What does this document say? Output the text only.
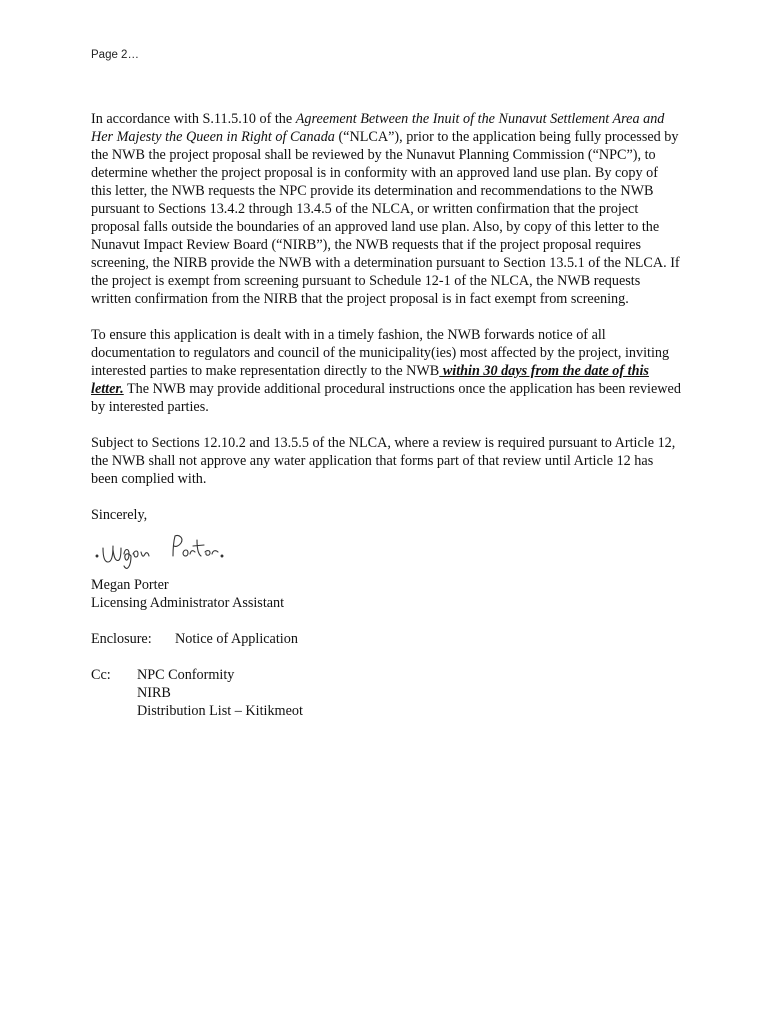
Page 2…

In accordance with S.11.5.10 of the Agreement Between the Inuit of the Nunavut Settlement Area and Her Majesty the Queen in Right of Canada (“NLCA”), prior to the application being fully processed by the NWB the project proposal shall be reviewed by the Nunavut Planning Commission (“NPC”), to determine whether the project proposal is in conformity with an approved land use plan. By copy of this letter, the NWB requests the NPC provide its determination and recommendations to the NWB pursuant to Sections 13.4.2 through 13.4.5 of the NLCA, or written confirmation that the project proposal falls outside the boundaries of an approved land use plan. Also, by copy of this letter to the Nunavut Impact Review Board (“NIRB”), the NWB requests that if the project proposal requires screening, the NIRB provide the NWB with a determination pursuant to Section 13.5.1 of the NLCA. If the project is exempt from screening pursuant to Schedule 12-1 of the NLCA, the NWB requests written confirmation from the NIRB that the project proposal is in fact exempt from screening.

To ensure this application is dealt with in a timely fashion, the NWB forwards notice of all documentation to regulators and council of the municipality(ies) most affected by the project, inviting interested parties to make representation directly to the NWB within 30 days from the date of this letter. The NWB may provide additional procedural instructions once the application has been reviewed by interested parties.

Subject to Sections 12.10.2 and 13.5.5 of the NLCA, where a review is required pursuant to Article 12, the NWB shall not approve any water application that forms part of that review until Article 12 has been complied with.

Sincerely,

Megan Porter
Megan Porter
Licensing Administrator Assistant
Enclosure:	Notice of Application
Cc:	NPC Conformity
NIRB
Distribution List – Kitikmeot
